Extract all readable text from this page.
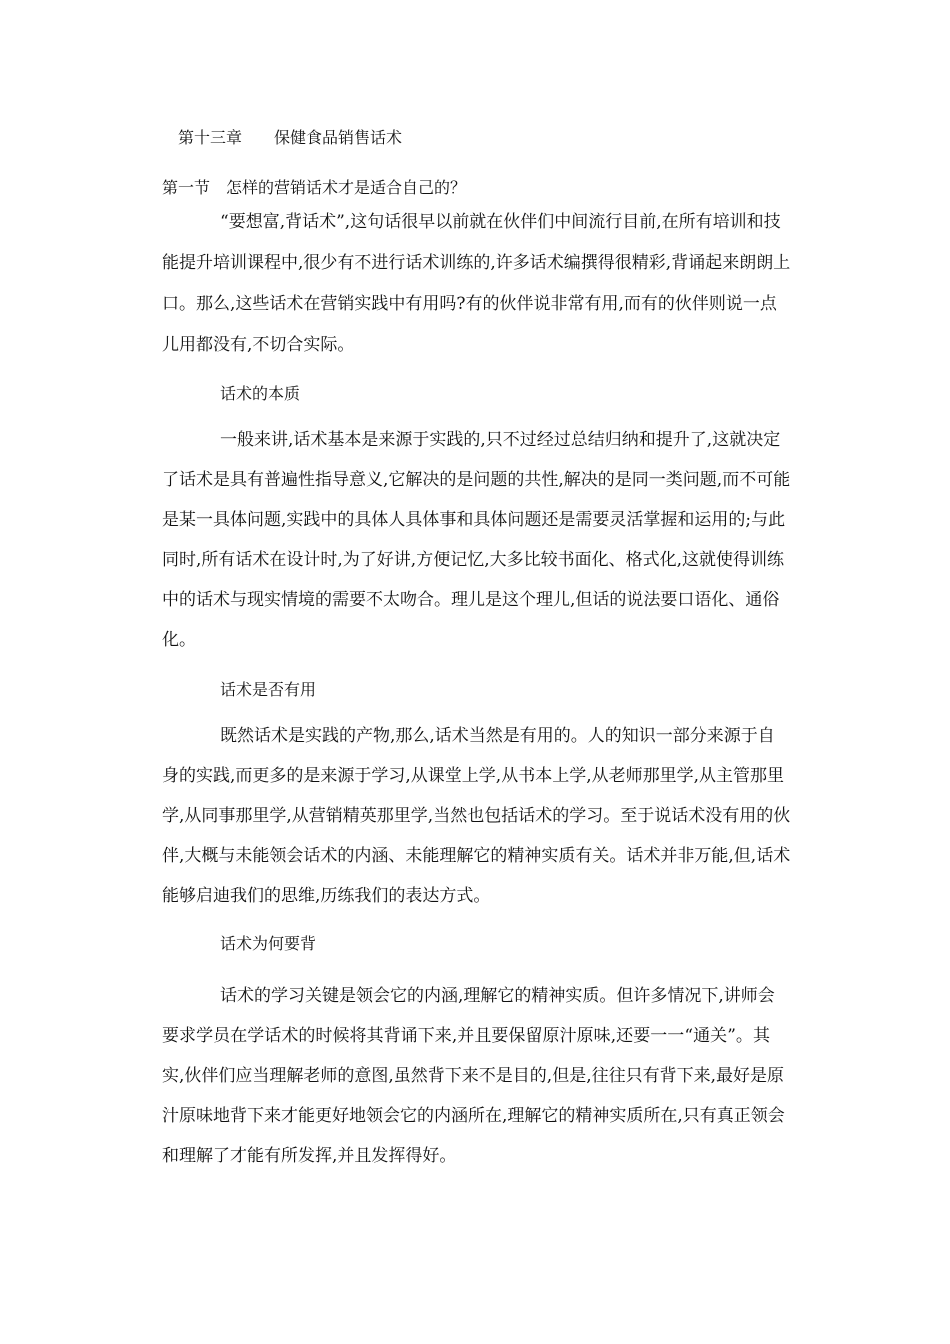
第十三章　　保健食品销售话术
第一节　怎样的营销话术才是适合自己的？
“要想富,背话术”,这句话很早以前就在伙伴们中间流行目前,在所有培训和技
能提升培训课程中,很少有不进行话术训练的,许多话术编撰得很精彩,背诵起来朗朗上
口。那么,这些话术在营销实践中有用吗?有的伙伴说非常有用,而有的伙伴则说一点
儿用都没有,不切合实际。
话术的本质
一般来讲,话术基本是来源于实践的,只不过经过总结归纳和提升了,这就决定
了话术是具有普遍性指导意义,它解决的是问题的共性,解决的是同一类问题,而不可能
是某一具体问题,实践中的具体人具体事和具体问题还是需要灵活掌握和运用的;与此
同时,所有话术在设计时,为了好讲,方便记忆,大多比较书面化、格式化,这就使得训练
中的话术与现实情境的需要不太吻合。理儿是这个理儿,但话的说法要口语化、通俗
化。
话术是否有用
既然话术是实践的产物,那么,话术当然是有用的。人的知识一部分来源于自
身的实践,而更多的是来源于学习,从课堂上学,从书本上学,从老师那里学,从主管那里
学,从同事那里学,从营销精英那里学,当然也包括话术的学习。至于说话术没有用的伙
伴,大概与未能领会话术的内涵、未能理解它的精神实质有关。话术并非万能,但,话术
能够启迪我们的思维,历练我们的表达方式。
话术为何要背
话术的学习关键是领会它的内涵,理解它的精神实质。但许多情况下,讲师会
要求学员在学话术的时候将其背诵下来,并且要保留原汁原味,还要一一“通关”。其
实,伙伴们应当理解老师的意图,虽然背下来不是目的,但是,往往只有背下来,最好是原
汁原味地背下来才能更好地领会它的内涵所在,理解它的精神实质所在,只有真正领会
和理解了才能有所发挥,并且发挥得好。
